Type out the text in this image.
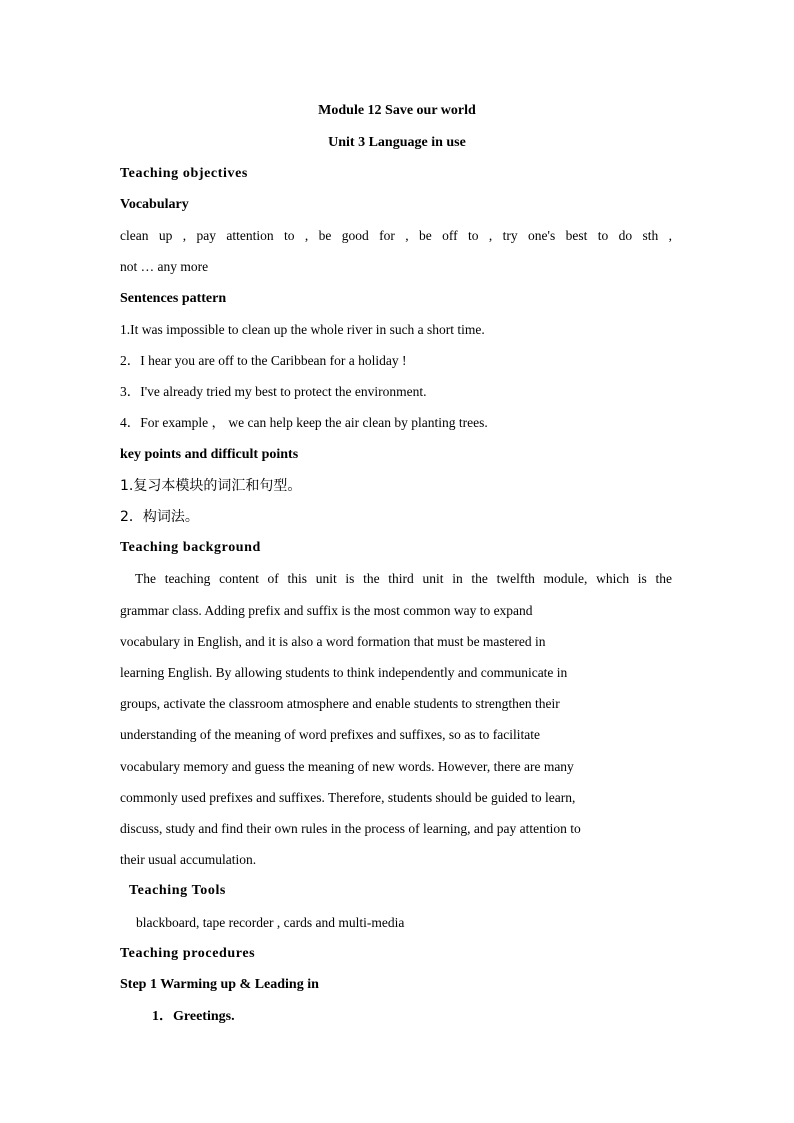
Module 12 Save our world
Unit 3 Language in use
Teaching objectives
Vocabulary
clean up , pay attention to , be good for , be off to , try one's best to do sth ,
not … any more
Sentences pattern
1.It was impossible to clean up the whole river in such a short time.
2．I hear you are off to the Caribbean for a holiday !
3．I've already tried my best to protect the environment.
4．For example ， we can help keep the air clean by planting trees.
key points and difficult points
1.复习本模块的词汇和句型。
2．构词法。
Teaching background
The teaching content of this unit is the third unit in the twelfth module, which is the
grammar class. Adding prefix and suffix is the most common way to expand
vocabulary in English, and it is also a word formation that must be mastered in
learning English. By allowing students to think independently and communicate in
groups, activate the classroom atmosphere and enable students to strengthen their
understanding of the meaning of word prefixes and suffixes, so as to facilitate
vocabulary memory and guess the meaning of new words. However, there are many
commonly used prefixes and suffixes. Therefore, students should be guided to learn,
discuss, study and find their own rules in the process of learning, and pay attention to
their usual accumulation.
Teaching Tools
blackboard, tape recorder , cards and multi-media
Teaching procedures
Step 1 Warming up & Leading in
1．Greetings.
